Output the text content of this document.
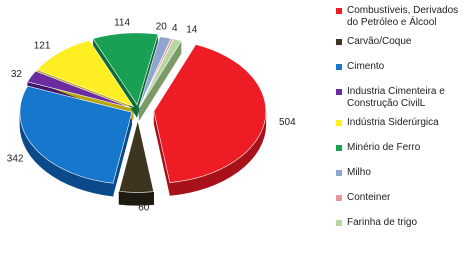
504
60
342
32
121
114	20 4 14
Combustíveis, Derivados do Petróleo e Álcool
Carvão/Coque
Cimento
Industria Cimenteira e Construção CivilL
Indústria Siderúrgica
Minério de Ferro
Milho
Conteiner
Farinha de trigo
